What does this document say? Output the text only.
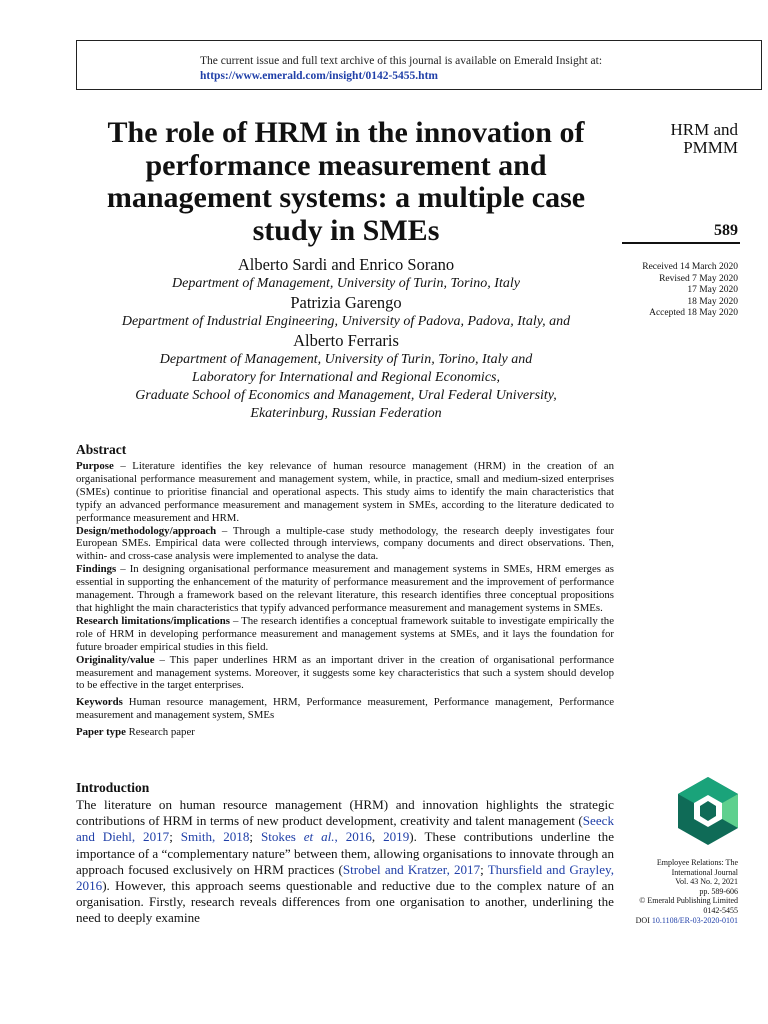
The current issue and full text archive of this journal is available on Emerald Insight at:
https://www.emerald.com/insight/0142-5455.htm
The role of HRM in the innovation of performance measurement and management systems: a multiple case study in SMEs
HRM and
PMMM
589
Received 14 March 2020
Revised 7 May 2020
17 May 2020
18 May 2020
Accepted 18 May 2020
Alberto Sardi and Enrico Sorano
Department of Management, University of Turin, Torino, Italy
Patrizia Garengo
Department of Industrial Engineering, University of Padova, Padova, Italy, and
Alberto Ferraris
Department of Management, University of Turin, Torino, Italy and
Laboratory for International and Regional Economics,
Graduate School of Economics and Management, Ural Federal University,
Ekaterinburg, Russian Federation
Abstract

Purpose – Literature identifies the key relevance of human resource management (HRM) in the creation of an organisational performance measurement and management system, while, in practice, small and medium-sized enterprises (SMEs) continue to prioritise financial and operational aspects. This study aims to identify the main characteristics that typify an advanced performance measurement and management system in SMEs, according to the literature dedicated to performance measurement and HRM.

Design/methodology/approach – Through a multiple-case study methodology, the research deeply investigates four European SMEs. Empirical data were collected through interviews, company documents and direct observations. Then, within- and cross-case analysis were implemented to analyse the data.

Findings – In designing organisational performance measurement and management systems in SMEs, HRM emerges as essential in supporting the enhancement of the maturity of performance measurement and the improvement of performance management. Through a framework based on the relevant literature, this research identifies three conceptual propositions that highlight the main characteristics that typify advanced performance measurement and management systems in SMEs.

Research limitations/implications – The research identifies a conceptual framework suitable to investigate empirically the role of HRM in developing performance measurement and management systems at SMEs, and it lays the foundation for future broader empirical studies in this field.

Originality/value – This paper underlines HRM as an important driver in the creation of organisational performance measurement and management systems. Moreover, it suggests some key characteristics that such a system should develop to be effective in the target enterprises.

Keywords Human resource management, HRM, Performance measurement, Performance management, Performance measurement and management system, SMEs

Paper type Research paper

Introduction

The literature on human resource management (HRM) and innovation highlights the strategic contributions of HRM in terms of new product development, creativity and talent management (Seeck and Diehl, 2017; Smith, 2018; Stokes et al., 2016, 2019). These contributions underline the importance of a “complementary nature” between them, allowing organisations to innovate through an approach focused exclusively on HRM practices (Strobel and Kratzer, 2017; Thursfield and Grayley, 2016). However, this approach seems questionable and reductive due to the complex nature of an organisation. Firstly, research reveals differences from one organisation to another, underlining the need to deeply examine

Employee Relations: The
International Journal
Vol. 43 No. 2, 2021
pp. 589-606
© Emerald Publishing Limited
0142-5455
DOI 10.1108/ER-03-2020-0101
